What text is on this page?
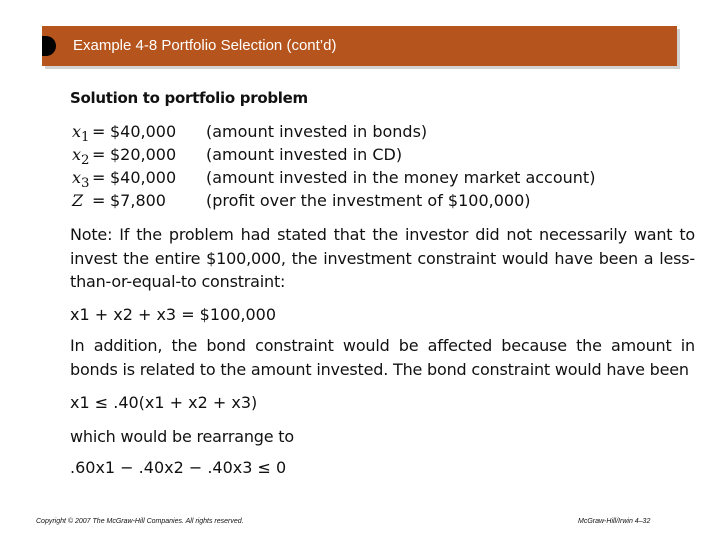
Example 4-8 Portfolio Selection (cont’d)
Solution to portfolio problem
$x_1$ = $40,000 (amount invested in bonds)
$x_2$ = $20,000 (amount invested in CD)
$x_3$ = $40,000 (amount invested in the money market account)
Z = $7,800	(profit over the investment of $100,000)
Note: If the problem had stated that the investor did not necessarily want to invest the entire $100,000, the investment constraint would have been a less-than-or-equal-to constraint:
x1 + x2 + x3 = $100,000
In addition, the bond constraint would be affected because the amount in bonds is related to the amount invested. The bond constraint would have been
x1 ≤ .40(x1 + x2 + x3)
which would be rearrange to
.60x1 − .40x2 − .40x3 ≤ 0
Copyright © 2007 The McGraw-Hill Companies. All rights reserved.	McGraw-Hill/Irwin 4–32
